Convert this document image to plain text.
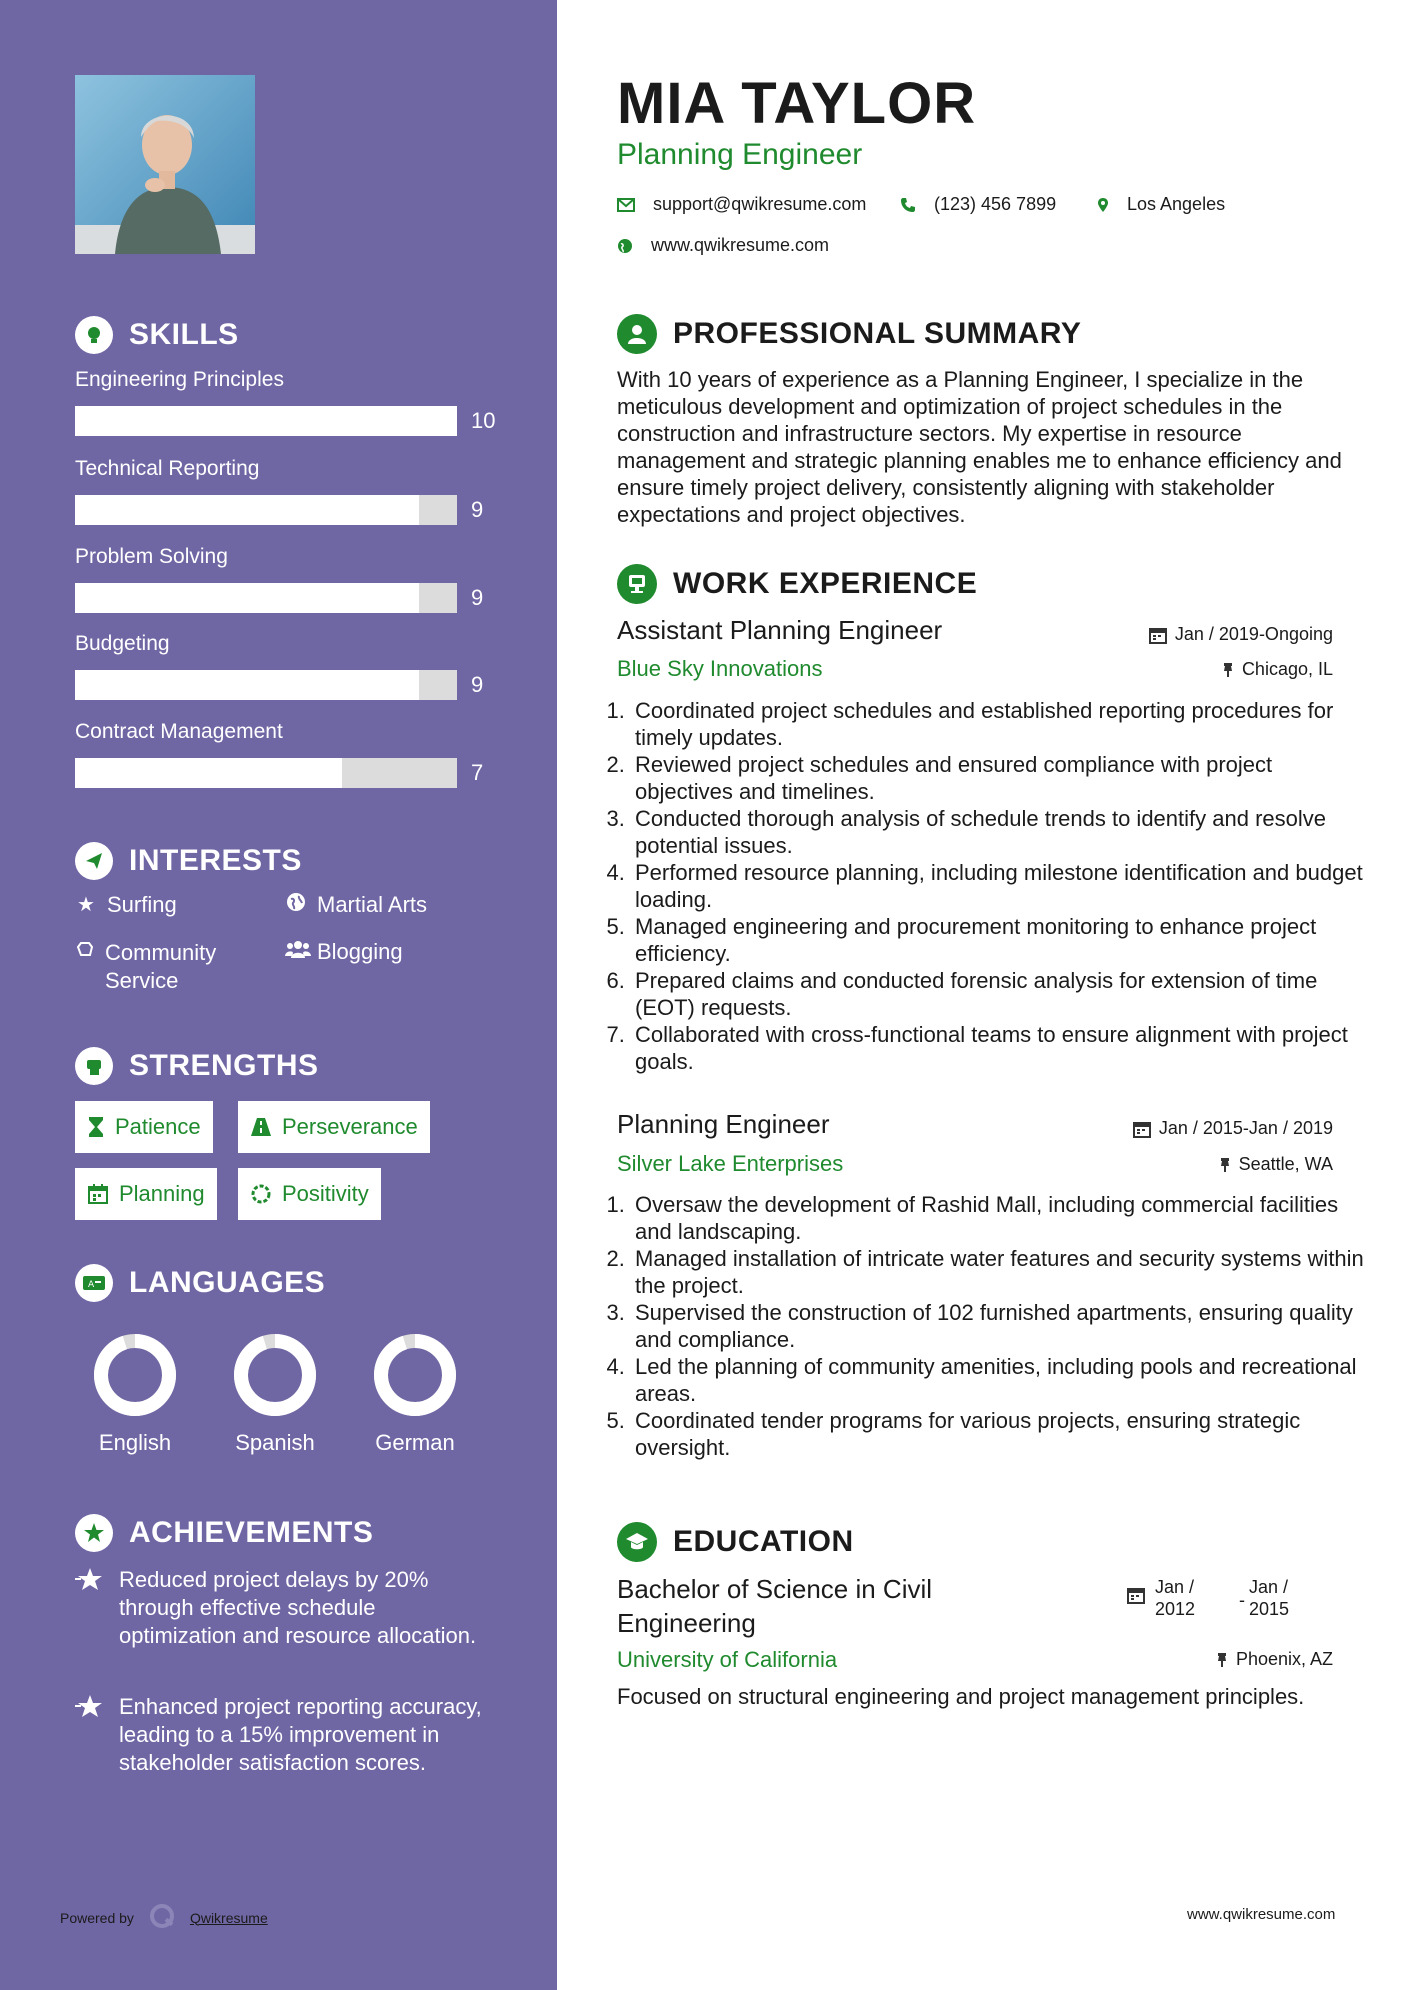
SKILLS
Engineering Principles
10
Technical Reporting
9
Problem Solving
9
Budgeting
9
Contract Management
7
INTERESTS
★ Surfing	Martial Arts
Community Service
Blogging
STRENGTHS
Patience	Perseverance
Planning	Positivity
A LANGUAGES
English	Spanish	German
ACHIEVEMENTS
Reduced project delays by 20% through effective schedule optimization and resource allocation.
Enhanced project reporting accuracy, leading to a 15% improvement in stakeholder satisfaction scores.
Powered by	Qwikresume
MIA TAYLOR
Planning Engineer
support@qwikresume.com	(123) 456 7899	Los Angeles
www.qwikresume.com
PROFESSIONAL SUMMARY
With 10 years of experience as a Planning Engineer, I specialize in the meticulous development and optimization of project schedules in the construction and infrastructure sectors. My expertise in resource management and strategic planning enables me to enhance efficiency and ensure timely project delivery, consistently aligning with stakeholder expectations and project objectives.
WORK EXPERIENCE
Assistant Planning Engineer	Jan / 2019-Ongoing
Blue Sky Innovations	Chicago, IL
1. Coordinated project schedules and established reporting procedures for timely updates.
2. Reviewed project schedules and ensured compliance with project objectives and timelines.
3. Conducted thorough analysis of schedule trends to identify and resolve potential issues.
4. Performed resource planning, including milestone identification and budget loading.
5. Managed engineering and procurement monitoring to enhance project efficiency.
6. Prepared claims and conducted forensic analysis for extension of time (EOT) requests.
7. Collaborated with cross-functional teams to ensure alignment with project goals.
Planning Engineer	Jan / 2015-Jan / 2019
Silver Lake Enterprises	Seattle, WA
1. Oversaw the development of Rashid Mall, including commercial facilities and landscaping.
2. Managed installation of intricate water features and security systems within the project.
3. Supervised the construction of 102 furnished apartments, ensuring quality and compliance.
4. Led the planning of community amenities, including pools and recreational areas.
5. Coordinated tender programs for various projects, ensuring strategic oversight.
EDUCATION
Bachelor of Science in Civil Engineering
Jan / 2012	-
Jan / 2015
University of California	Phoenix, AZ
Focused on structural engineering and project management principles.
www.qwikresume.com
